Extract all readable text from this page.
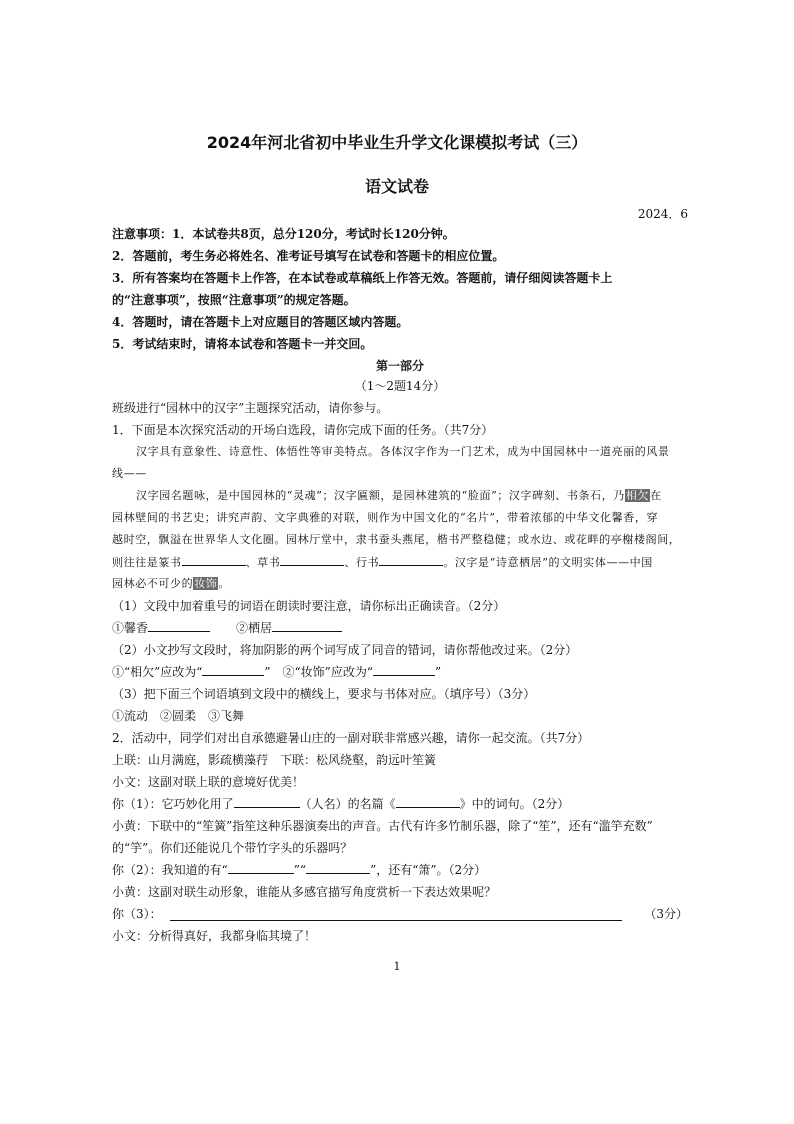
2024年河北省初中毕业生升学文化课模拟考试（三）
语文试卷
2024．6
注意事项：1．本试卷共8页，总分120分，考试时长120分钟。
2．答题前，考生务必将姓名、准考证号填写在试卷和答题卡的相应位置。
3．所有答案均在答题卡上作答，在本试卷或草稿纸上作答无效。答题前，请仔细阅读答题卡上
的“注意事项”，按照“注意事项”的规定答题。
4．答题时，请在答题卡上对应题目的答题区域内答题。
5．考试结束时，请将本试卷和答题卡一并交回。
第一部分
（1～2题14分）
班级进行“园林中的汉字”主题探究活动，请你参与。
1．下面是本次探究活动的开场白选段，请你完成下面的任务。（共7分）
汉字具有意象性、诗意性、体悟性等审美特点。各体汉字作为一门艺术，成为中国园林中一道亮丽的风景
线——
汉字园名题咏，是中国园林的“灵魂”；汉字匾额，是园林建筑的“脸面”；汉字碑刻、书条石，乃相欠在
园林壁间的书艺史；讲究声韵、文字典雅的对联，则作为中国文化的“名片”，带着浓郁的中华文化馨香，穿
越时空，飘溢在世界华人文化圈。园林厅堂中，隶书蚕头燕尾，楷书严整稳健；或水边、或花畔的亭榭楼阁间，
则往往是篆书	、草书	、行书	。汉字是“诗意栖居”的文明实体——中国
园林必不可少的妆饰。
（1）文段中加着重号的词语在朗读时要注意，请你标出正确读音。（2分）
①馨香	②栖居
（2）小文抄写文段时，将加阴影的两个词写成了同音的错词，请你帮他改过来。（2分）
①“相欠”应改为“	” ②“妆饰”应改为“	”
（3）把下面三个词语填到文段中的横线上，要求与书体对应。（填序号）（3分）
①流动　②圆柔　③飞舞
2．活动中，同学们对出自承德避暑山庄的一副对联非常感兴趣，请你一起交流。（共7分）
上联：山月满庭，影疏横藻荇　下联：松风绕壑，韵远叶笙簧
小文：这副对联上联的意境好优美！
你（1）：它巧妙化用了	（人名）的名篇《	》中的词句。（2分）
小黄：下联中的“笙簧”指笙这种乐器演奏出的声音。古代有许多竹制乐器，除了“笙”，还有“滥竽充数”
的“竽”。你们还能说几个带竹字头的乐器吗？
你（2）：我知道的有“	”“	”，还有“箫”。（2分）
小黄：这副对联生动形象，谁能从多感官描写角度赏析一下表达效果呢？
你（3）：	（3分）
小文：分析得真好，我都身临其境了！
1
